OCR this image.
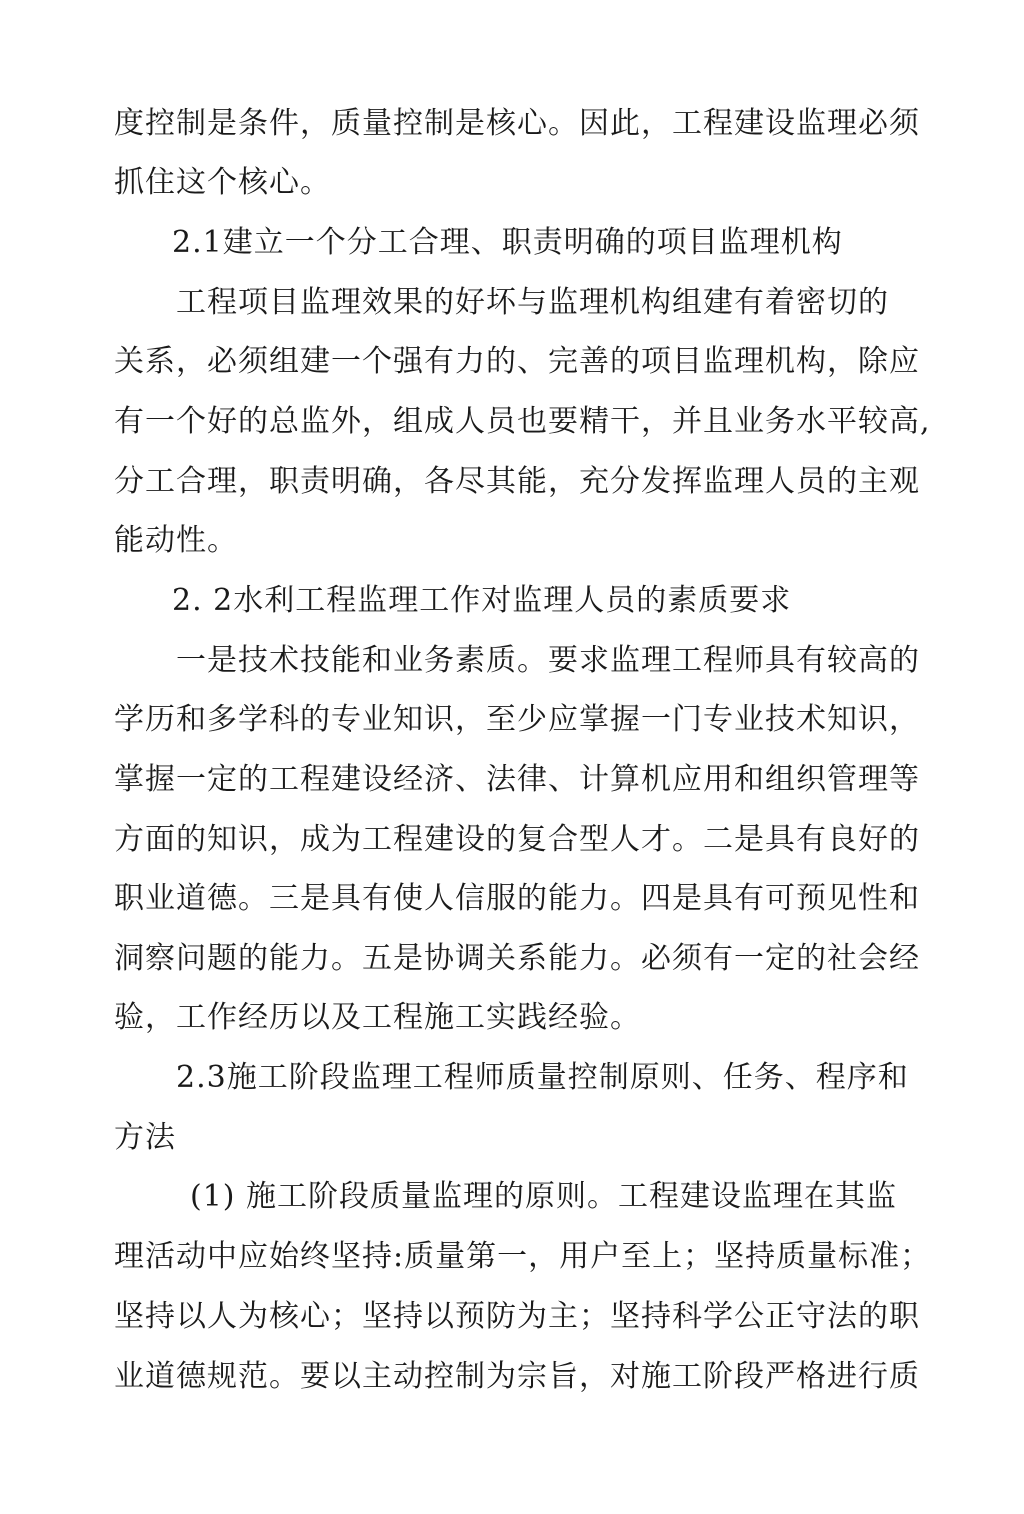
度控制是条件，质量控制是核心。因此，工程建设监理必须
抓住这个核心。
2.1建立一个分工合理、职责明确的项目监理机构
工程项目监理效果的好坏与监理机构组建有着密切的
关系，必须组建一个强有力的、完善的项目监理机构，除应
有一个好的总监外，组成人员也要精干，并且业务水平较高,
分工合理，职责明确，各尽其能，充分发挥监理人员的主观
能动性。
2. 2水利工程监理工作对监理人员的素质要求
一是技术技能和业务素质。要求监理工程师具有较高的
学历和多学科的专业知识，至少应掌握一门专业技术知识，
掌握一定的工程建设经济、法律、计算机应用和组织管理等
方面的知识，成为工程建设的复合型人才。二是具有良好的
职业道德。三是具有使人信服的能力。四是具有可预见性和
洞察问题的能力。五是协调关系能力。必须有一定的社会经
验，工作经历以及工程施工实践经验。
2.3施工阶段监理工程师质量控制原则、任务、程序和
方法
(1) 施工阶段质量监理的原则。工程建设监理在其监
理活动中应始终坚持:质量第一，用户至上；坚持质量标准；
坚持以人为核心；坚持以预防为主；坚持科学公正守法的职
业道德规范。要以主动控制为宗旨，对施工阶段严格进行质
